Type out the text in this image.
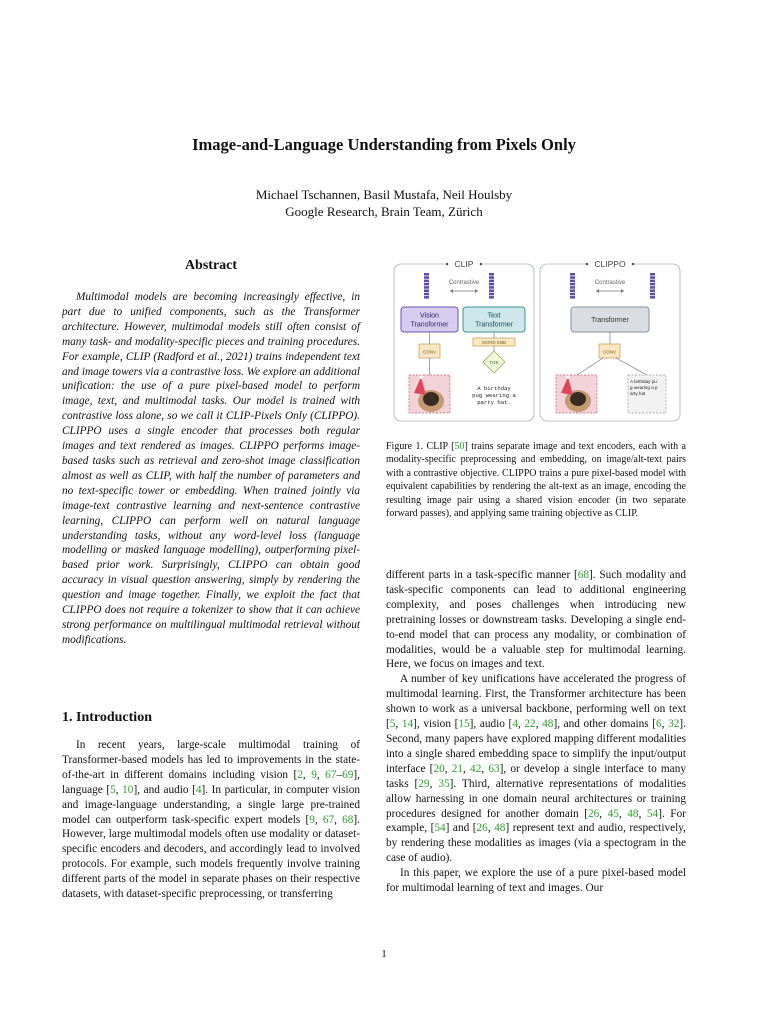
Image-and-Language Understanding from Pixels Only
Michael Tschannen, Basil Mustafa, Neil Houlsby
Google Research, Brain Team, Zürich
Abstract

Multimodal models are becoming increasingly effective, in part due to unified components, such as the Transformer architecture. However, multimodal models still often consist of many task- and modality-specific pieces and training procedures. For example, CLIP (Radford et al., 2021) trains independent text and image towers via a contrastive loss. We explore an additional unification: the use of a pure pixel-based model to perform image, text, and multimodal tasks. Our model is trained with contrastive loss alone, so we call it CLIP-Pixels Only (CLIPPO). CLIPPO uses a single encoder that processes both regular images and text rendered as images. CLIPPO performs image-based tasks such as retrieval and zero-shot image classification almost as well as CLIP, with half the number of parameters and no text-specific tower or embedding. When trained jointly via image-text contrastive learning and next-sentence contrastive learning, CLIPPO can perform well on natural language understanding tasks, without any word-level loss (language modelling or masked language modelling), outperforming pixel-based prior work. Surprisingly, CLIPPO can obtain good accuracy in visual question answering, simply by rendering the question and image together. Finally, we exploit the fact that CLIPPO does not require a tokenizer to show that it can achieve strong performance on multilingual multimodal retrieval without modifications.

1. Introduction

In recent years, large-scale multimodal training of Transformer-based models has led to improvements in the state-of-the-art in different domains including vision [2, 9, 67–69], language [5, 10], and audio [4]. In particular, in computer vision and image-language understanding, a single large pre-trained model can outperform task-specific expert models [9, 67, 68]. However, large multimodal models often use modality or dataset-specific encoders and decoders, and accordingly lead to involved protocols. For example, such models frequently involve training different parts of the model in separate phases on their respective datasets, with dataset-specific preprocessing, or transferring

CLIP
Contrastive
Vision
Transformer
Text
Transformer
CONV
WORD EMB
TOK
A birthday
pug wearing a
party hat.
CLIPPO
Contrastive
Transformer
CONV
A birthday pu
g wearing a p
arty hat

Figure 1. CLIP [50] trains separate image and text encoders, each with a modality-specific preprocessing and embedding, on image/alt-text pairs with a contrastive objective. CLIPPO trains a pure pixel-based model with equivalent capabilities by rendering the alt-text as an image, encoding the resulting image pair using a shared vision encoder (in two separate forward passes), and applying same training objective as CLIP.

different parts in a task-specific manner [68]. Such modality and task-specific components can lead to additional engineering complexity, and poses challenges when introducing new pretraining losses or downstream tasks. Developing a single end-to-end model that can process any modality, or combination of modalities, would be a valuable step for multimodal learning. Here, we focus on images and text.

A number of key unifications have accelerated the progress of multimodal learning. First, the Transformer architecture has been shown to work as a universal backbone, performing well on text [5, 14], vision [15], audio [4, 22, 48], and other domains [6, 32]. Second, many papers have explored mapping different modalities into a single shared embedding space to simplify the input/output interface [20, 21, 42, 63], or develop a single interface to many tasks [29, 35]. Third, alternative representations of modalities allow harnessing in one domain neural architectures or training procedures designed for another domain [26, 45, 48, 54]. For example, [54] and [26, 48] represent text and audio, respectively, by rendering these modalities as images (via a spectogram in the case of audio).

In this paper, we explore the use of a pure pixel-based model for multimodal learning of text and images. Our

1
